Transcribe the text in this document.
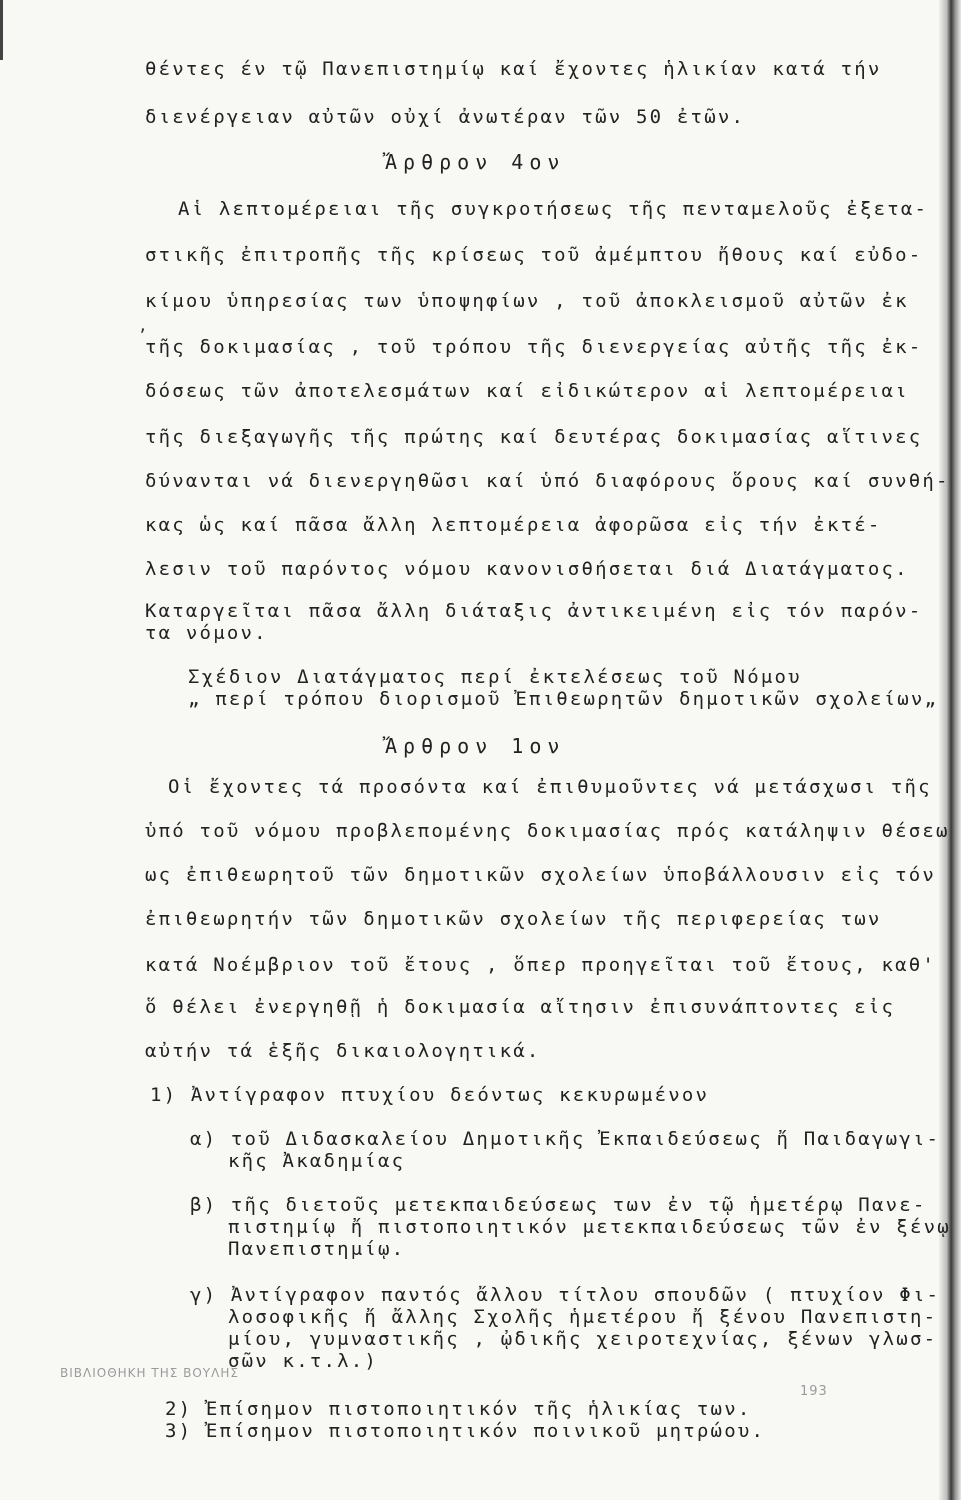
θέντες έν τῷ Πανεπιστημίῳ καί ἔχοντες ἡλικίαν κατά τήν
διενέργειαν αὐτῶν οὐχί ἀνωτέραν τῶν 50 ἐτῶν.
Ἄρθρον 4ον
Αἱ λεπτομέρειαι τῆς συγκροτήσεως τῆς πενταμελοῦς ἐξετα-
στικῆς ἐπιτροπῆς τῆς κρίσεως τοῦ ἀμέμπτου ἤθους καί εὐδο-
,
κίμου ὑπηρεσίας των ὑποψηφίων , τοῦ ἀποκλεισμοῦ αὐτῶν ἐκ
τῆς δοκιμασίας , τοῦ τρόπου τῆς διενεργείας αὐτῆς τῆς ἐκ-
δόσεως τῶν ἀποτελεσμάτων καί εἰδικώτερον αἱ λεπτομέρειαι
τῆς διεξαγωγῆς τῆς πρώτης καί δευτέρας δοκιμασίας αἵτινες
δύνανται νά διενεργηθῶσι καί ὑπό διαφόρους ὅρους καί συνθή-
κας ὡς καί πᾶσα ἄλλη λεπτομέρεια ἀφορῶσα εἰς τήν ἐκτέ-
λεσιν τοῦ παρόντος νόμου κανονισθήσεται διά Διατάγματος.
Καταργεῖται πᾶσα ἄλλη διάταξις ἀντικειμένη εἰς τόν παρόν-
τα νόμον.
Σχέδιον Διατάγματος περί ἐκτελέσεως τοῦ Νόμου
„ περί τρόπου διορισμοῦ Ἐπιθεωρητῶν δημοτικῶν σχολείων„
Ἄρθρον 1ον
Οἱ ἔχοντες τά προσόντα καί ἐπιθυμοῦντες νά μετάσχωσι τῆς
ὑπό τοῦ νόμου προβλεπομένης δοκιμασίας πρός κατάληψιν θέσεω
ως ἐπιθεωρητοῦ τῶν δημοτικῶν σχολείων ὑποβάλλουσιν εἰς τόν
ἐπιθεωρητήν τῶν δημοτικῶν σχολείων τῆς περιφερείας των
κατά Νοέμβριον τοῦ ἔτους , ὅπερ προηγεῖται τοῦ ἔτους, καθ'
ὅ θέλει ἐνεργηθῇ ἡ δοκιμασία αἴτησιν ἐπισυνάπτοντες εἰς
αὐτήν τά ἑξῆς δικαιολογητικά.
1) Ἀντίγραφον πτυχίου δεόντως κεκυρωμένον
α) τοῦ Διδασκαλείου Δημοτικῆς Ἐκπαιδεύσεως ἤ Παιδαγωγι-
κῆς Ἀκαδημίας
β) τῆς διετοῦς μετεκπαιδεύσεως των ἐν τῷ ἡμετέρῳ Πανε-
πιστημίῳ ἤ πιστοποιητικόν μετεκπαιδεύσεως τῶν ἐν ξένῳ
Πανεπιστημίῳ.
γ) Ἀντίγραφον παντός ἄλλου τίτλου σπουδῶν ( πτυχίον Φι-
λοσοφικῆς ἤ ἄλλης Σχολῆς ἡμετέρου ἤ ξένου Πανεπιστη-
μίου, γυμναστικῆς , ᾠδικῆς χειροτεχνίας, ξένων γλωσ-
σῶν κ.τ.λ.)
ΒΙΒΛΙΟΘΗΚΗ ΤΗΣ ΒΟΥΛΗΣ
193
2) Ἐπίσημον πιστοποιητικόν τῆς ἡλικίας των.
3) Ἐπίσημον πιστοποιητικόν ποινικοῦ μητρώου.
